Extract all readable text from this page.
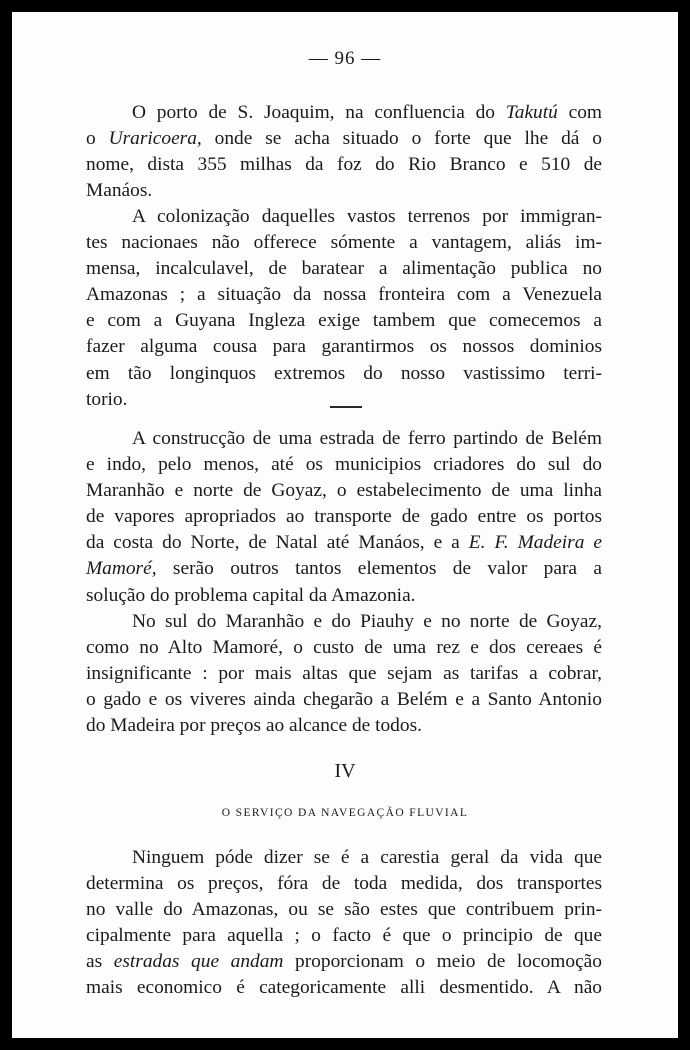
— 96 —
O porto de S. Joaquim, na confluencia do Takutú com
o Uraricoera, onde se acha situado o forte que lhe dá o
nome, dista 355 milhas da foz do Rio Branco e 510 de
Manáos.
A colonização daquelles vastos terrenos por immigran-
tes nacionaes não offerece sómente a vantagem, aliás im-
mensa, incalculavel, de baratear a alimentação publica no
Amazonas ; a situação da nossa fronteira com a Venezuela
e com a Guyana Ingleza exige tambem que comecemos a
fazer alguma cousa para garantirmos os nossos dominios
em tão longinquos extremos do nosso vastissimo terri-
torio.
A construcção de uma estrada de ferro partindo de Belém
e indo, pelo menos, até os municipios criadores do sul do
Maranhão e norte de Goyaz, o estabelecimento de uma linha
de vapores apropriados ao transporte de gado entre os portos
da costa do Norte, de Natal até Manáos, e a E. F. Madeira e
Mamoré, serão outros tantos elementos de valor para a
solução do problema capital da Amazonia.
No sul do Maranhão e do Piauhy e no norte de Goyaz,
como no Alto Mamoré, o custo de uma rez e dos cereaes é
insignificante : por mais altas que sejam as tarifas a cobrar,
o gado e os viveres ainda chegarão a Belém e a Santo Antonio
do Madeira por preços ao alcance de todos.
IV
O SERVIÇO DA NAVEGAÇÃO FLUVIAL
Ninguem póde dizer se é a carestia geral da vida que
determina os preços, fóra de toda medida, dos transportes
no valle do Amazonas, ou se são estes que contribuem prin-
cipalmente para aquella ; o facto é que o principio de que
as estradas que andam proporcionam o meio de locomoção
mais economico é categoricamente alli desmentido. A não
